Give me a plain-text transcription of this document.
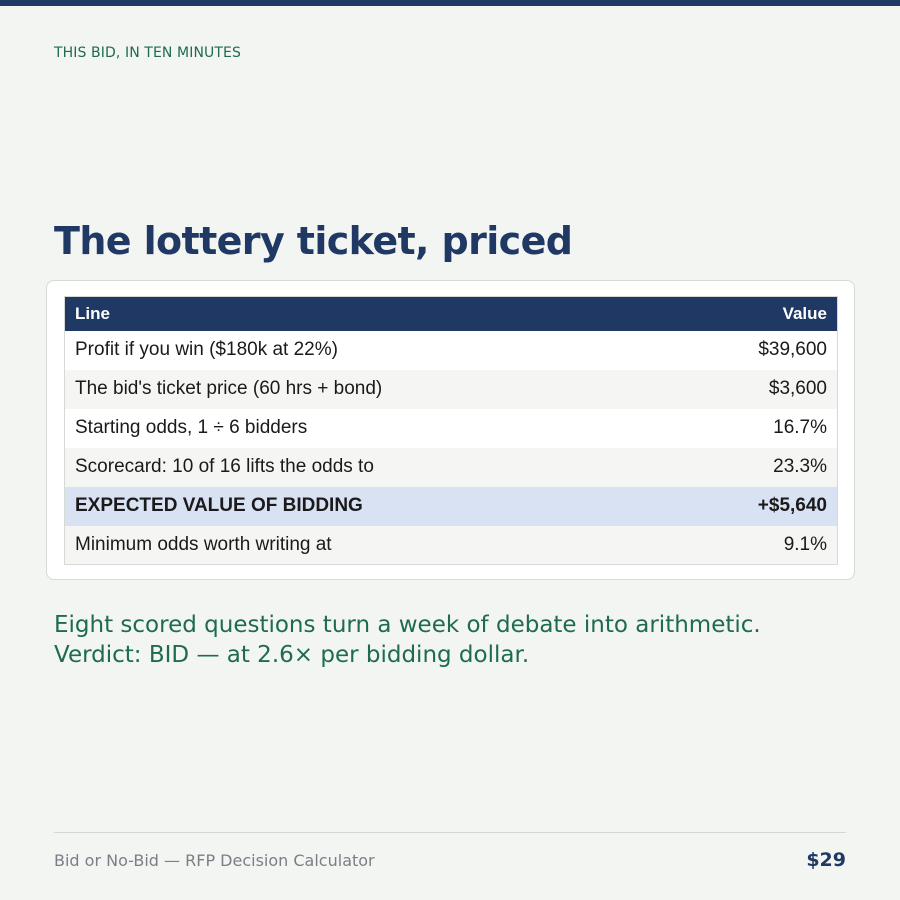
THIS BID, IN TEN MINUTES
The lottery ticket, priced
Line	Value
Profit if you win ($180k at 22%)	$39,600
The bid's ticket price (60 hrs + bond)	$3,600
Starting odds, 1 ÷ 6 bidders	16.7%
Scorecard: 10 of 16 lifts the odds to	23.3%
EXPECTED VALUE OF BIDDING	+$5,640
Minimum odds worth writing at	9.1%

Eight scored questions turn a week of debate into arithmetic. Verdict: BID — at 2.6× per bidding dollar.

Bid or No-Bid — RFP Decision Calculator	$29
